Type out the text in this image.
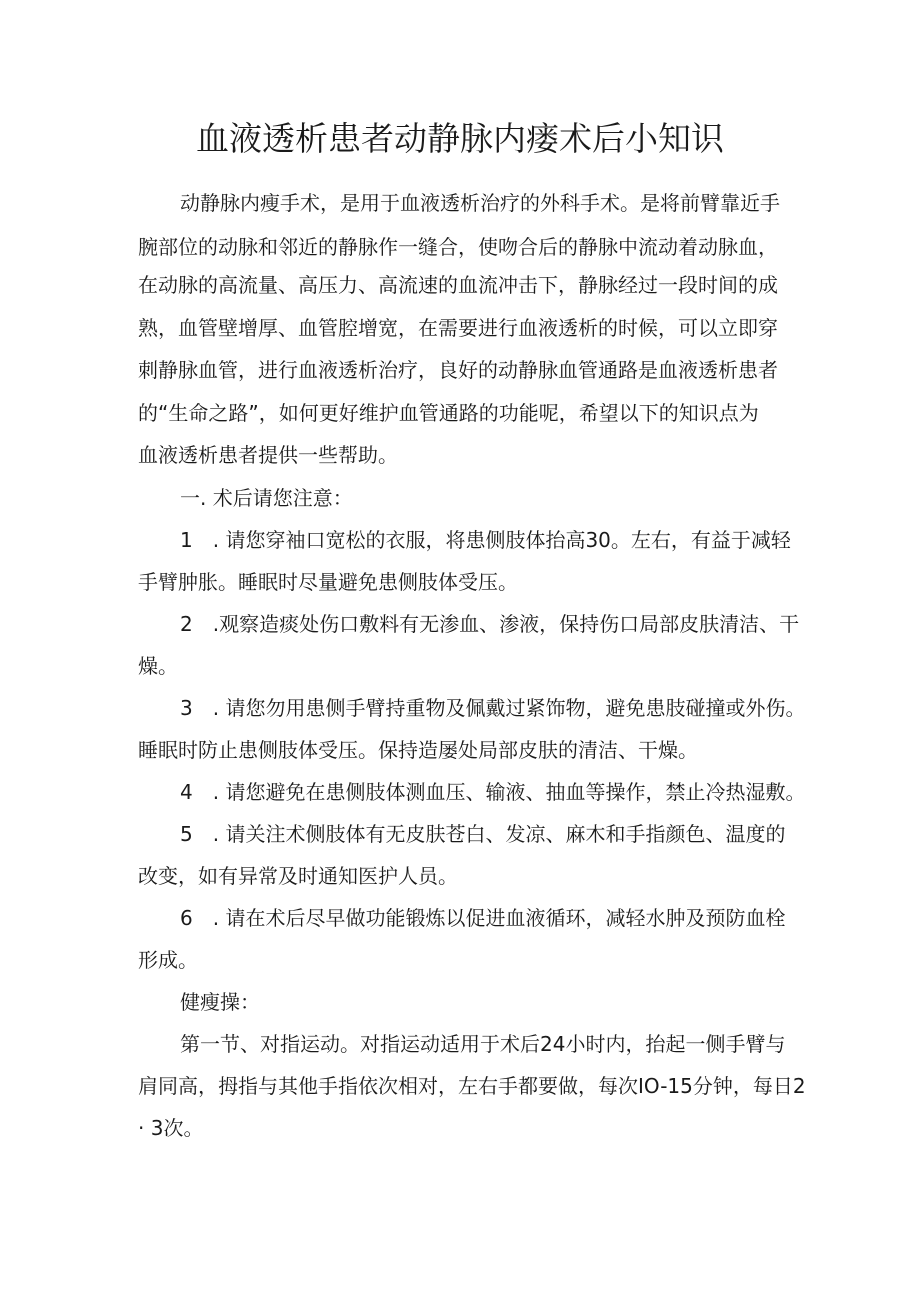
血液透析患者动静脉内瘘术后小知识

动静脉内瘦手术，是用于血液透析治疗的外科手术。是将前臂靠近手

腕部位的动脉和邻近的静脉作一缝合，使吻合后的静脉中流动着动脉血，

在动脉的高流量、高压力、高流速的血流冲击下，静脉经过一段时间的成

熟，血管壁增厚、血管腔增宽，在需要进行血液透析的时候，可以立即穿

刺静脉血管，进行血液透析治疗，良好的动静脉血管通路是血液透析患者

的“生命之路”，如何更好维护血管通路的功能呢，希望以下的知识点为

血液透析患者提供一些帮助。

一. 术后请您注意：

1　. 请您穿袖口宽松的衣服，将患侧肢体抬高30。左右，有益于减轻

手臂肿胀。睡眠时尽量避免患侧肢体受压。

2　.观察造痰处伤口敷料有无渗血、渗液，保持伤口局部皮肤清洁、干

燥。

3　. 请您勿用患侧手臂持重物及佩戴过紧饰物，避免患肢碰撞或外伤。

睡眠时防止患侧肢体受压。保持造屡处局部皮肤的清洁、干燥。

4　. 请您避免在患侧肢体测血压、输液、抽血等操作，禁止冷热湿敷。

5　. 请关注术侧肢体有无皮肤苍白、发凉、麻木和手指颜色、温度的

改变，如有异常及时通知医护人员。

6　. 请在术后尽早做功能锻炼以促进血液循环，减轻水肿及预防血栓

形成。

健瘦操：

第一节、对指运动。对指运动适用于术后24小时内，抬起一侧手臂与

肩同高，拇指与其他手指依次相对，左右手都要做，每次IO-15分钟，每日2

· 3次。
